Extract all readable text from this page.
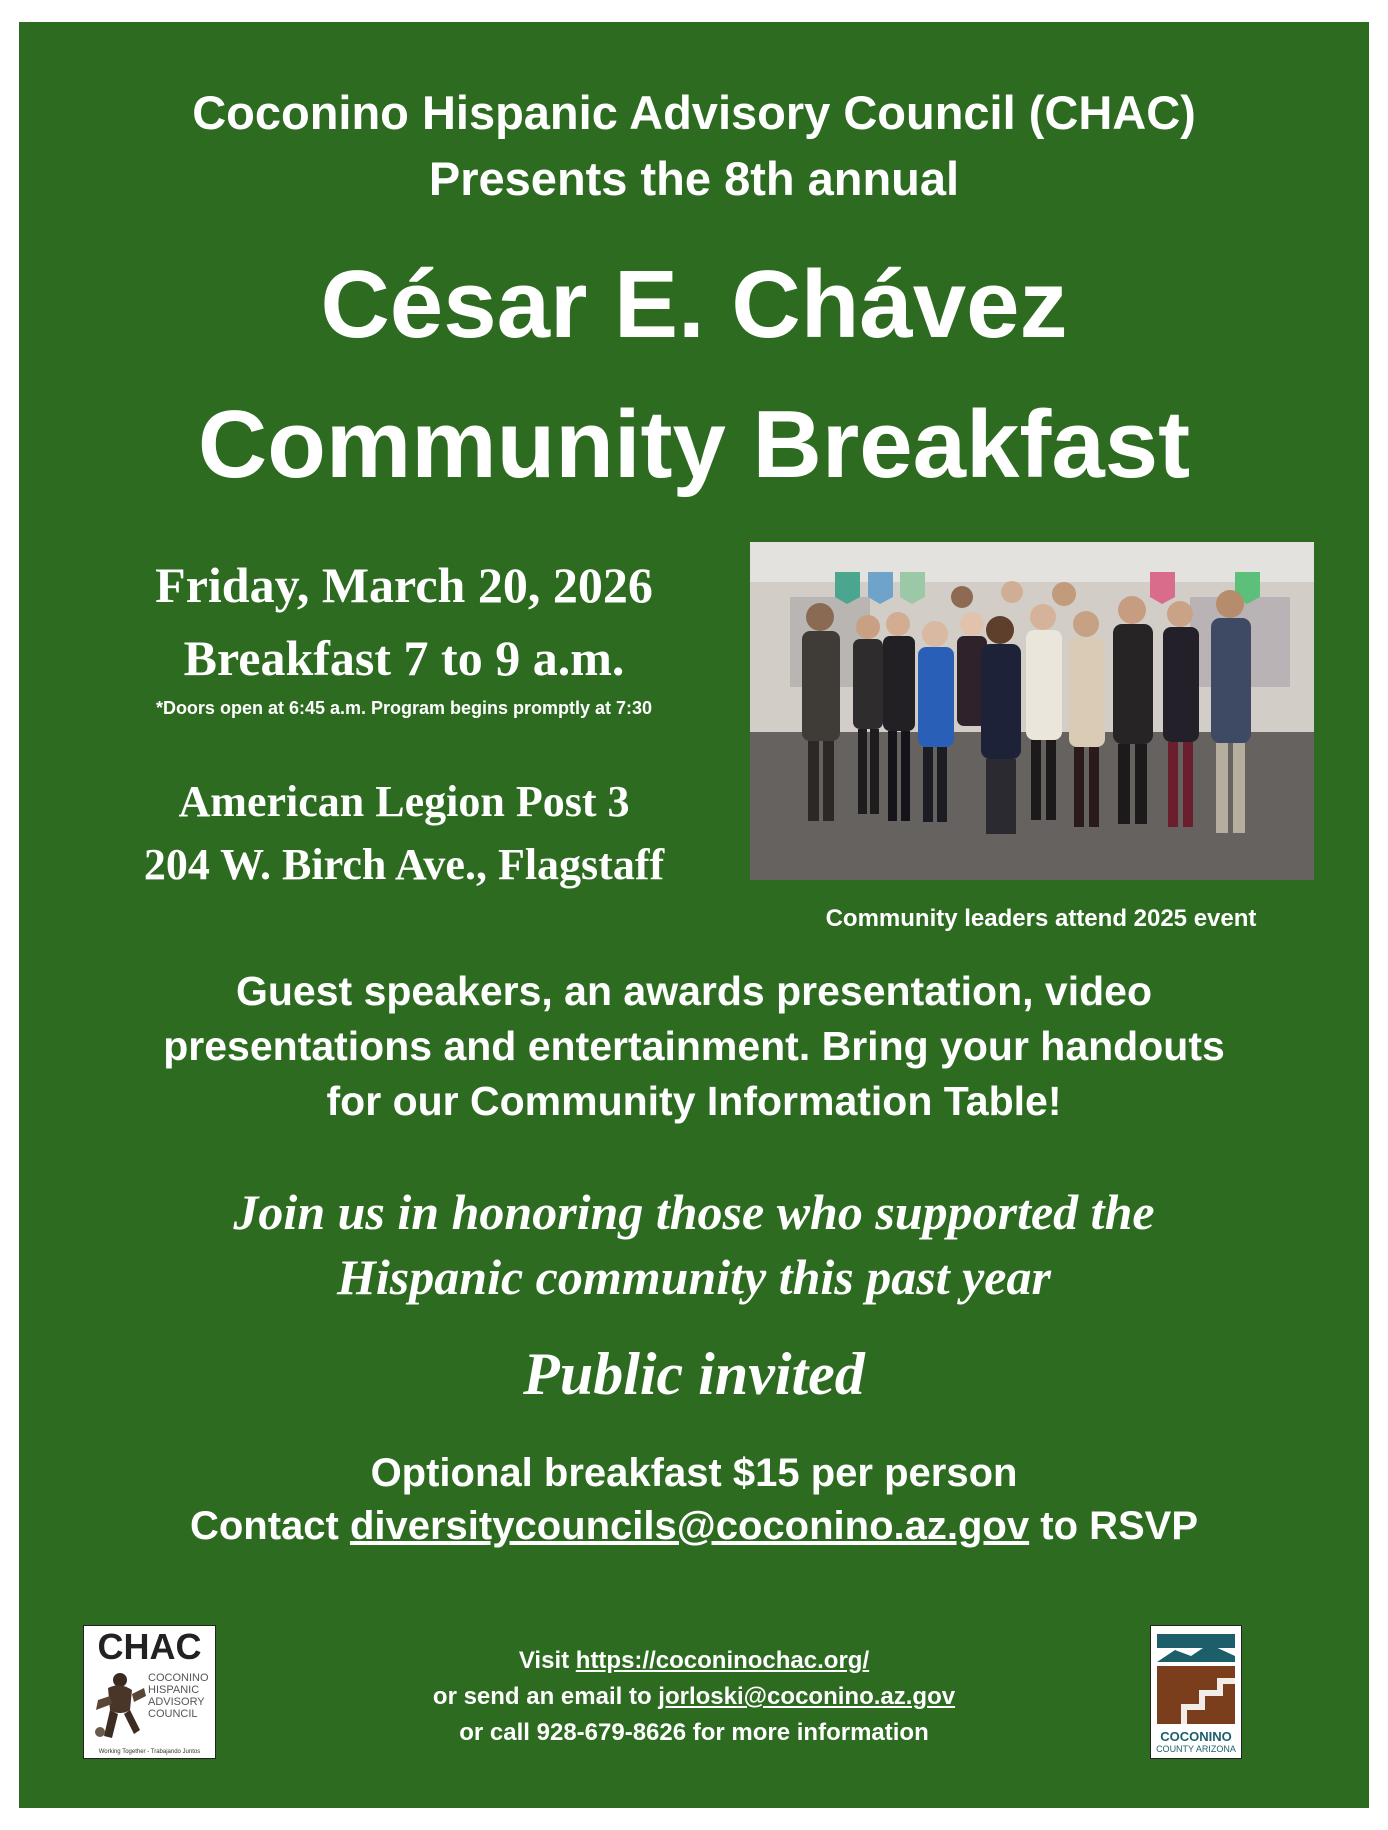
Coconino Hispanic Advisory Council (CHAC)
Presents the 8th annual
César E. Chávez
Community Breakfast
Friday, March 20, 2026
Breakfast 7 to 9 a.m.
*Doors open at 6:45 a.m. Program begins promptly at 7:30
American Legion Post 3
204 W. Birch Ave., Flagstaff
Community leaders attend 2025 event
Guest speakers, an awards presentation, video
presentations and entertainment. Bring your handouts
for our Community Information Table!
Join us in honoring those who supported the
Hispanic community this past year
Public invited
Optional breakfast $15 per person
Contact diversitycouncils@coconino.az.gov to RSVP
CHAC
COCONINO
HISPANIC
ADVISORY
COUNCIL
Working Together - Trabajando Juntos
Visit https://coconinochac.org/
or send an email to jorloski@coconino.az.gov
or call 928-679-8626 for more information	COCONINO
COUNTY ARIZONA
